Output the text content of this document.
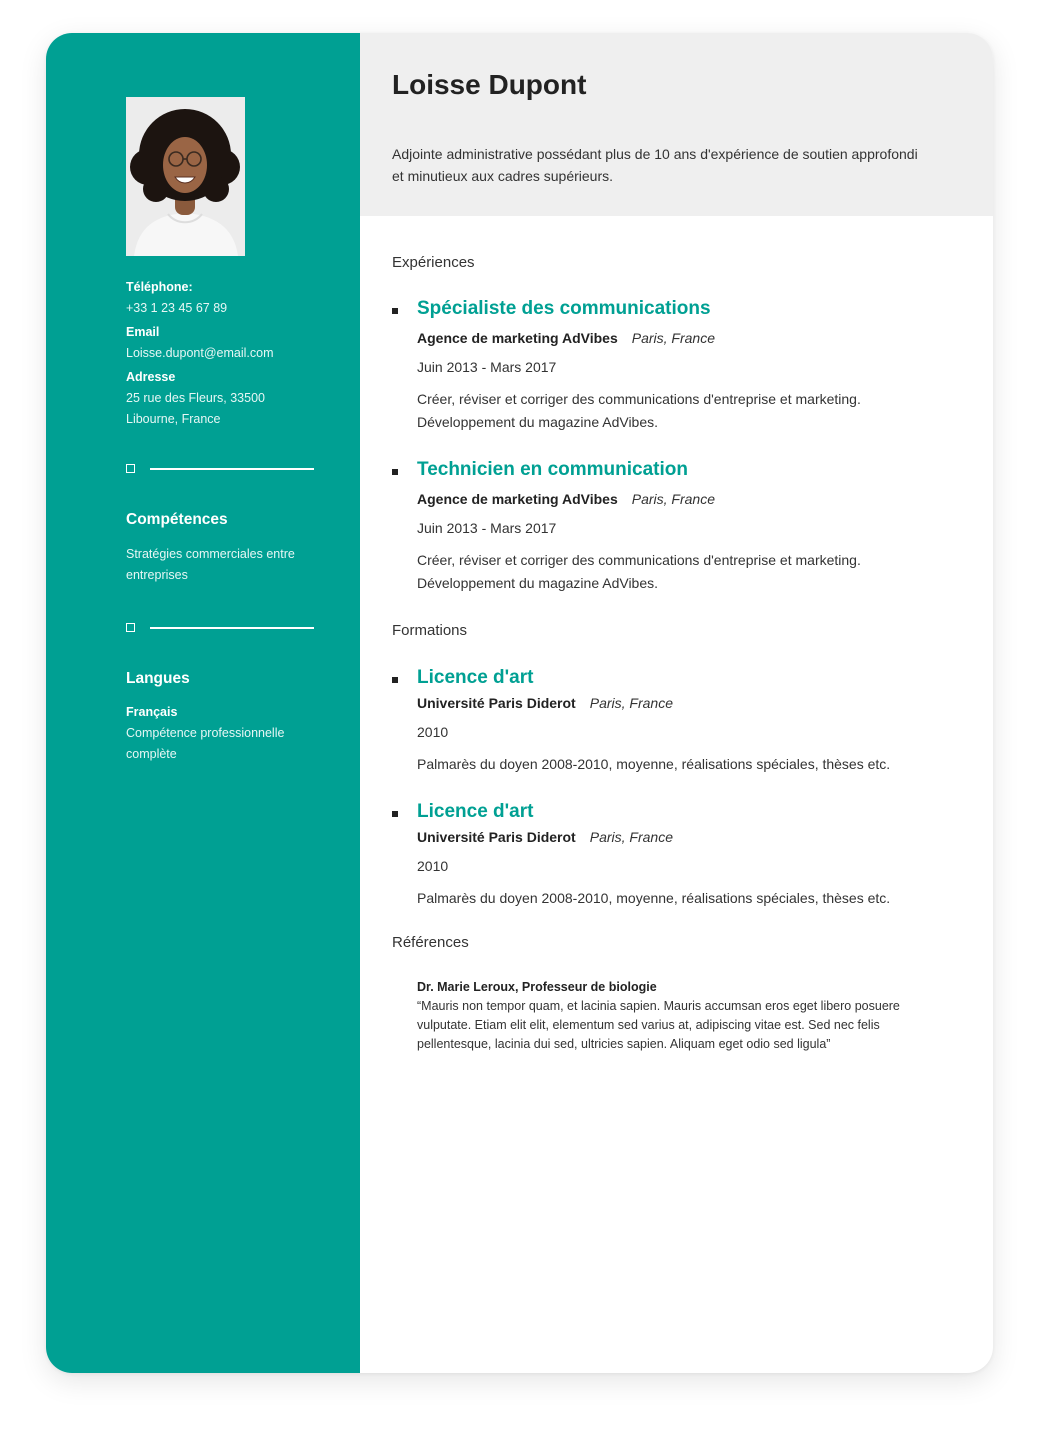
Téléphone:
+33 1 23 45 67 89
Email
Loisse.dupont@email.com
Adresse
25 rue des Fleurs, 33500
Libourne, France
Compétences
Stratégies commerciales entre entreprises
Langues
Français
Compétence professionnelle complète
Loisse Dupont
Adjointe administrative possédant plus de 10 ans d'expérience de soutien approfondi et minutieux aux cadres supérieurs.
Expériences
Spécialiste des communications
Agence de marketing AdVibes Paris, France
Juin 2013 - Mars 2017
Créer, réviser et corriger des communications d'entreprise et marketing. Développement du magazine AdVibes.
Technicien en communication
Agence de marketing AdVibes Paris, France
Juin 2013 - Mars 2017
Créer, réviser et corriger des communications d'entreprise et marketing. Développement du magazine AdVibes.
Formations
Licence d'art
Université Paris Diderot Paris, France
2010
Palmarès du doyen 2008-2010, moyenne, réalisations spéciales, thèses etc.
Licence d'art
Université Paris Diderot Paris, France
2010
Palmarès du doyen 2008-2010, moyenne, réalisations spéciales, thèses etc.
Références
Dr. Marie Leroux, Professeur de biologie
“Mauris non tempor quam, et lacinia sapien. Mauris accumsan eros eget libero posuere vulputate. Etiam elit elit, elementum sed varius at, adipiscing vitae est. Sed nec felis pellentesque, lacinia dui sed, ultricies sapien. Aliquam eget odio sed ligula”
